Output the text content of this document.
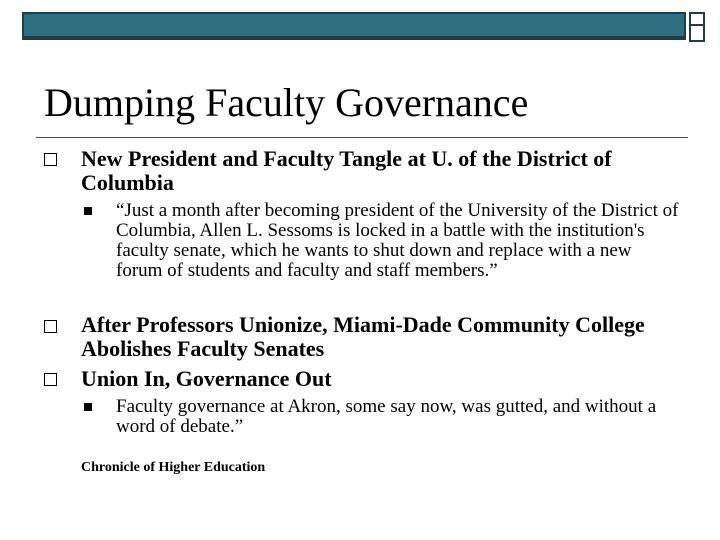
Dumping Faculty Governance
New President and Faculty Tangle at U. of the District of Columbia
“Just a month after becoming president of the University of the District of Columbia, Allen L. Sessoms is locked in a battle with the institution's faculty senate, which he wants to shut down and replace with a new forum of students and faculty and staff members.”
After Professors Unionize, Miami-Dade Community College Abolishes Faculty Senates
Union In, Governance Out
Faculty governance at Akron, some say now, was gutted, and without a word of debate.”
Chronicle of Higher Education
